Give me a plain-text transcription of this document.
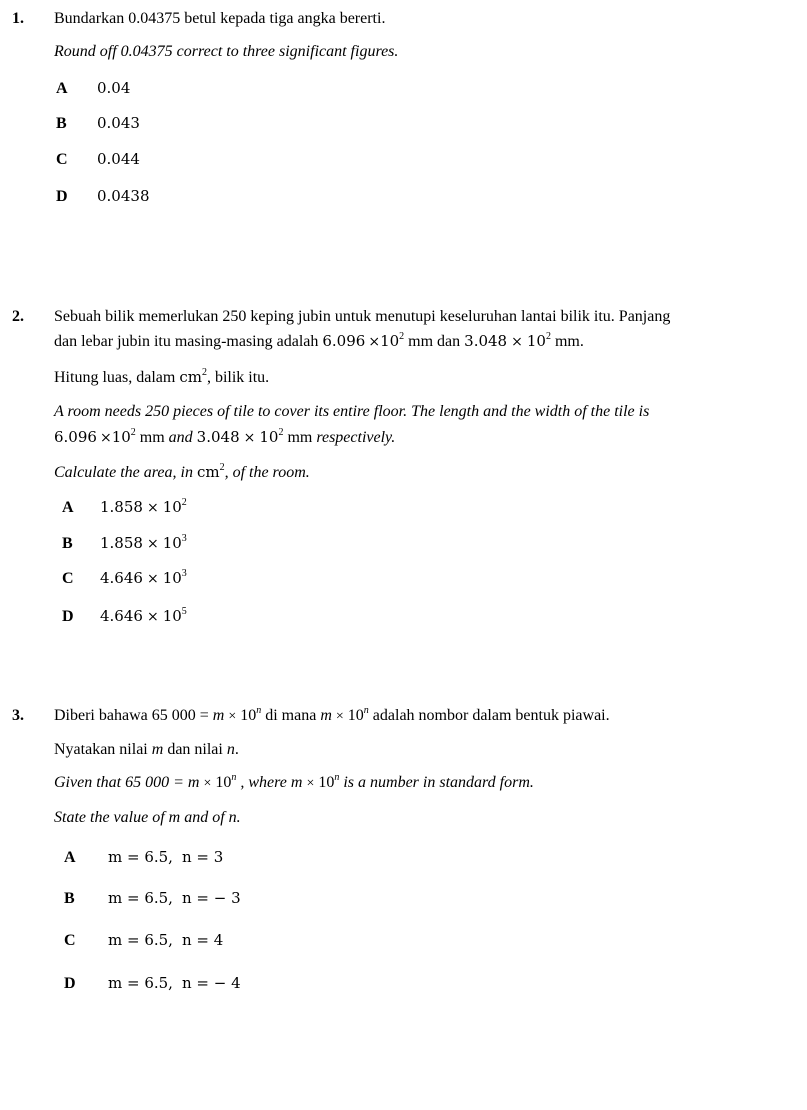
1. Bundarkan 0.04375 betul kepada tiga angka bererti.
Round off 0.04375 correct to three significant figures.
A 0.04
B 0.043
C 0.044
D 0.0438
2. Sebuah bilik memerlukan 250 keping jubin untuk menutupi keseluruhan lantai bilik itu. Panjang
dan lebar jubin itu masing-masing adalah $6.096 \times 10^2$ mm dan $3.048 \times 10^2$ mm.
Hitung luas, dalam $cm^2$, bilik itu.
A room needs 250 pieces of tile to cover its entire floor. The length and the width of the tile is
$6.096 \times 10^2$ mm and $3.048 \times 10^2$ mm respectively.
Calculate the area, in $cm^2$, of the room.
A $1.858 \times 10^2$
B $1.858 \times 10^3$
C $4.646 \times 10^3$
D $4.646 \times 10^5$
3. Diberi bahawa 65 $000 = m \times 10^n$ di mana $m \times 10^n$ adalah nombor dalam bentuk piawai.
Nyatakan nilai m dan nilai n.
Given that 65 $000 = m \times 10^n$ , where $m \times 10^n$ is a number in standard form.
State the value of m and of n.
A m = 6.5, n = 3
B m = 6.5, n = − 3
C m = 6.5, n = 4
D m = 6.5, n = − 4
